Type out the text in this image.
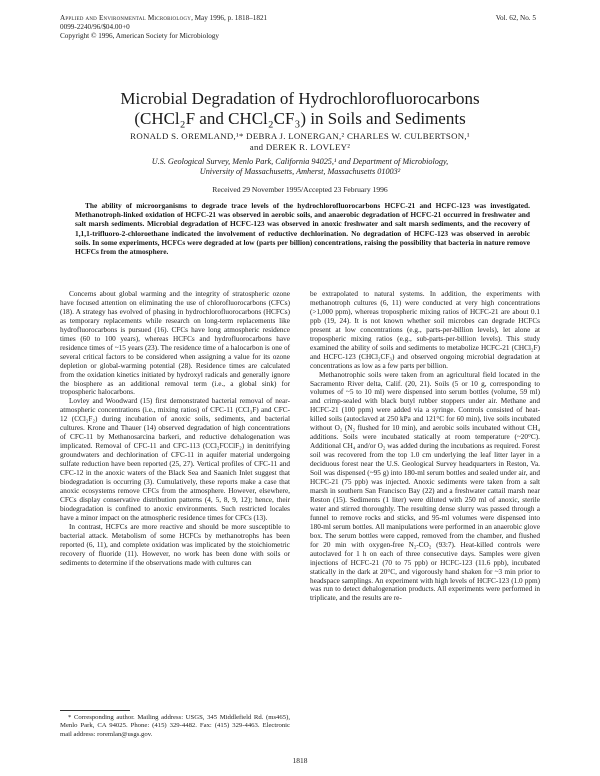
Applied and Environmental Microbiology, May 1996, p. 1818–1821
0099-2240/96/$04.00+0
Copyright © 1996, American Society for Microbiology
Vol. 62, No. 5
Microbial Degradation of Hydrochlorofluorocarbons
(CHCl₂F and CHCl₂CF₃) in Soils and Sediments
RONALD S. OREMLAND,¹* DEBRA J. LONERGAN,² CHARLES W. CULBERTSON,¹
and DEREK R. LOVLEY²
U.S. Geological Survey, Menlo Park, California 94025,¹ and Department of Microbiology,
University of Massachusetts, Amherst, Massachusetts 01003²
Received 29 November 1995/Accepted 23 February 1996

The ability of microorganisms to degrade trace levels of the hydrochlorofluorocarbons HCFC-21 and HCFC-123 was investigated. Methanotroph-linked oxidation of HCFC-21 was observed in aerobic soils, and anaerobic degradation of HCFC-21 occurred in freshwater and salt marsh sediments. Microbial degradation of HCFC-123 was observed in anoxic freshwater and salt marsh sediments, and the recovery of 1,1,1-trifluoro-2-chloroethane indicated the involvement of reductive dechlorination. No degradation of HCFC-123 was observed in aerobic soils. In some experiments, HCFCs were degraded at low (parts per billion) concentrations, raising the possibility that bacteria in nature remove HCFCs from the atmosphere.

Concerns about global warming and the integrity of stratospheric ozone have focused attention on eliminating the use of chlorofluorocarbons (CFCs) (18). A strategy has evolved of phasing in hydrochlorofluorocarbons (HCFCs) as temporary replacements while research on long-term replacements like hydrofluorocarbons is pursued (16). CFCs have long atmospheric residence times (60 to 100 years), whereas HCFCs and hydrofluorocarbons have residence times of ~15 years (23). The residence time of a halocarbon is one of several critical factors to be considered when assigning a value for its ozone depletion or global-warming potential (28). Residence times are calculated from the oxidation kinetics initiated by hydroxyl radicals and generally ignore the biosphere as an additional removal term (i.e., a global sink) for tropospheric halocarbons.

Lovley and Woodward (15) first demonstrated bacterial removal of near-atmospheric concentrations (i.e., mixing ratios) of CFC-11 (CCl₃F) and CFC-12 (CCl₂F₂) during incubation of anoxic soils, sediments, and bacterial cultures. Krone and Thauer (14) observed degradation of high concentrations of CFC-11 by Methanosarcina barkeri, and reductive dehalogenation was implicated. Removal of CFC-11 and CFC-113 (CCl₂FCClF₂) in denitrifying groundwaters and dechlorination of CFC-11 in aquifer material undergoing sulfate reduction have been reported (25, 27). Vertical profiles of CFC-11 and CFC-12 in the anoxic waters of the Black Sea and Saanich Inlet suggest that biodegradation is occurring (3). Cumulatively, these reports make a case that anoxic ecosystems remove CFCs from the atmosphere. However, elsewhere, CFCs display conservative distribution patterns (4, 5, 8, 9, 12); hence, their biodegradation is confined to anoxic environments. Such restricted locales have a minor impact on the atmospheric residence times for CFCs (13).

In contrast, HCFCs are more reactive and should be more susceptible to bacterial attack. Metabolism of some HCFCs by methanotrophs has been reported (6, 11), and complete oxidation was implicated by the stoichiometric recovery of fluoride (11). However, no work has been done with soils or sediments to determine if the observations made with cultures can

be extrapolated to natural systems. In addition, the experiments with methanotroph cultures (6, 11) were conducted at very high concentrations (>1,000 ppm), whereas tropospheric mixing ratios of HCFC-21 are about 0.1 ppb (19, 24). It is not known whether soil microbes can degrade HCFCs present at low concentrations (e.g., parts-per-billion levels), let alone at tropospheric mixing ratios (e.g., sub-parts-per-billion levels). This study examined the ability of soils and sediments to metabolize HCFC-21 (CHCl₂F) and HCFC-123 (CHCl₂CF₃) and observed ongoing microbial degradation at concentrations as low as a few parts per billion.

Methanotrophic soils were taken from an agricultural field located in the Sacramento River delta, Calif. (20, 21). Soils (5 or 10 g, corresponding to volumes of ~5 to 10 ml) were dispensed into serum bottles (volume, 59 ml) and crimp-sealed with black butyl rubber stoppers under air. Methane and HCFC-21 (100 ppm) were added via a syringe. Controls consisted of heat-killed soils (autoclaved at 250 kPa and 121°C for 60 min), live soils incubated without O₂ (N₂ flushed for 10 min), and aerobic soils incubated without CH₄ additions. Soils were incubated statically at room temperature (~20°C). Additional CH₄ and/or O₂ was added during the incubations as required. Forest soil was recovered from the top 1.0 cm underlying the leaf litter layer in a deciduous forest near the U.S. Geological Survey headquarters in Reston, Va. Soil was dispensed (~95 g) into 180-ml serum bottles and sealed under air, and HCFC-21 (75 ppb) was injected. Anoxic sediments were taken from a salt marsh in southern San Francisco Bay (22) and a freshwater cattail marsh near Reston (15). Sediments (1 liter) were diluted with 250 ml of anoxic, sterile water and stirred thoroughly. The resulting dense slurry was passed through a funnel to remove rocks and sticks, and 95-ml volumes were dispensed into 180-ml serum bottles. All manipulations were performed in an anaerobic glove box. The serum bottles were capped, removed from the chamber, and flushed for 20 min with oxygen-free N₂-CO₂ (93:7). Heat-killed controls were autoclaved for 1 h on each of three consecutive days. Samples were given injections of HCFC-21 (70 to 75 ppb) or HCFC-123 (11.6 ppb), incubated statically in the dark at 20°C, and vigorously hand shaken for ~3 min prior to headspace samplings. An experiment with high levels of HCFC-123 (1.0 ppm) was run to detect dehalogenation products. All experiments were performed in triplicate, and the results are re-

* Corresponding author. Mailing address: USGS, 345 Middlefield Rd. (ms465), Menlo Park, CA 94025. Phone: (415) 329-4482. Fax: (415) 329-4463. Electronic mail address: roremlan@usgs.gov.

1818
